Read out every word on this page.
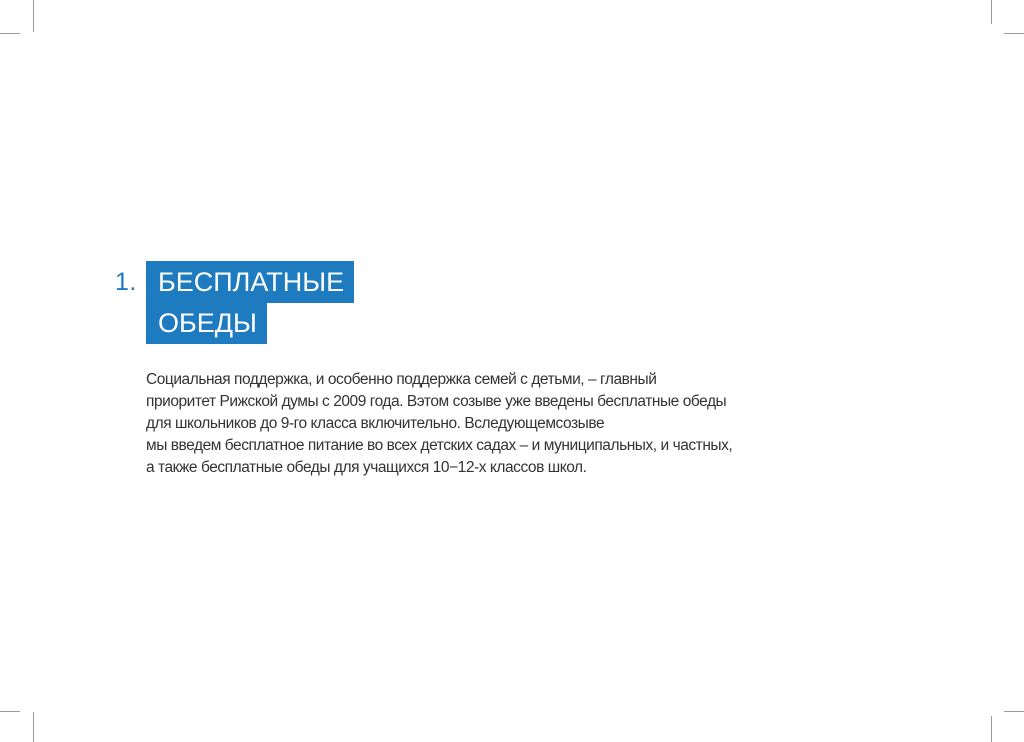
1. БЕСПЛАТНЫЕ
ОБЕДЫ

Социальная поддержка, и особенно поддержка семей с детьми, – главный
приоритет Рижской думы с 2009 года. Вэтом созыве уже введены бесплатные обеды
для школьников до 9-го класса включительно. Вследующемсозыве
мы введем бесплатное питание во всех детских садах – и муниципальных, и частных,
а также бесплатные обеды для учащихся 10−12-х классов школ.
